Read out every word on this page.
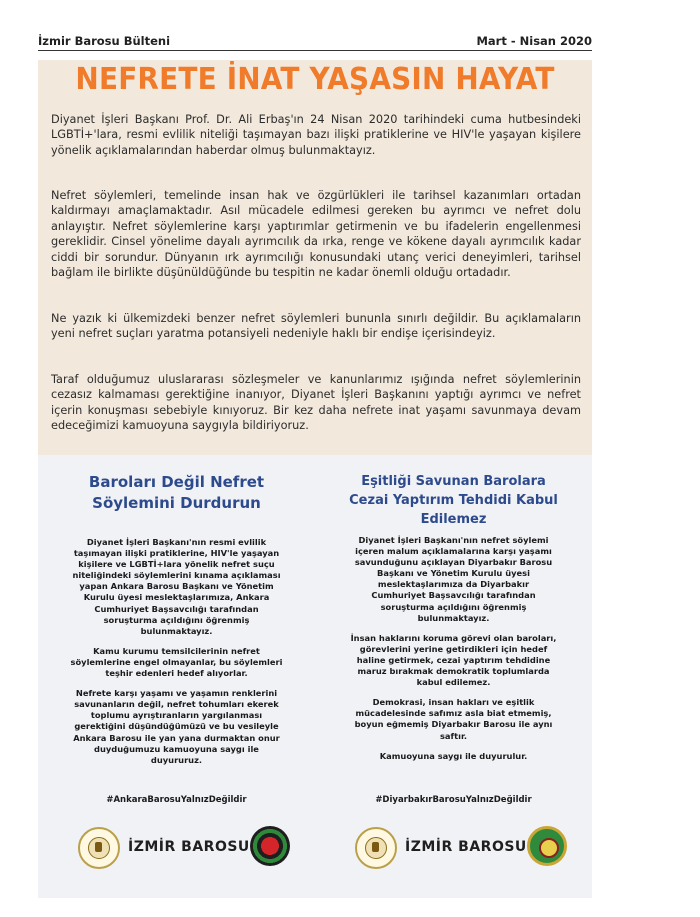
İzmir Barosu Bülteni	Mart - Nisan 2020
NEFRETE İNAT YAŞASIN HAYAT
Diyanet İşleri Başkanı Prof. Dr. Ali Erbaş'ın 24 Nisan 2020 tarihindeki cuma hutbesindeki LGBTİ+'lara, resmi evlilik niteliği taşımayan bazı ilişki pratiklerine ve HIV'le yaşayan kişilere yönelik açıklamalarından haberdar olmuş bulunmaktayız.
Nefret söylemleri, temelinde insan hak ve özgürlükleri ile tarihsel kazanımları ortadan kaldırmayı amaçlamaktadır. Asıl mücadele edilmesi gereken bu ayrımcı ve nefret dolu anlayıştır. Nefret söylemlerine karşı yaptırımlar getirmenin ve bu ifadelerin engellenmesi gereklidir. Cinsel yönelime dayalı ayrımcılık da ırka, renge ve kökene dayalı ayrımcılık kadar ciddi bir sorundur. Dünyanın ırk ayrımcılığı konusundaki utanç verici deneyimleri, tarihsel bağlam ile birlikte düşünüldüğünde bu tespitin ne kadar önemli olduğu ortadadır.
Ne yazık ki ülkemizdeki benzer nefret söylemleri bununla sınırlı değildir. Bu açıklamaların yeni nefret suçları yaratma potansiyeli nedeniyle haklı bir endişe içerisindeyiz.
Taraf olduğumuz uluslararası sözleşmeler ve kanunlarımız ışığında nefret söylemlerinin cezasız kalmaması gerektiğine inanıyor, Diyanet İşleri Başkanını yaptığı ayrımcı ve nefret içerin konuşması sebebiyle kınıyoruz. Bir kez daha nefrete inat yaşamı savunmaya devam edeceğimizi kamuoyuna saygıyla bildiriyoruz.
Baroları Değil Nefret Söylemini Durdurun

Diyanet İşleri Başkanı'nın resmi evlilik taşımayan ilişki pratiklerine, HIV'le yaşayan kişilere ve LGBTİ+lara yönelik nefret suçu niteliğindeki söylemlerini kınama açıklaması yapan Ankara Barosu Başkanı ve Yönetim Kurulu üyesi meslektaşlarımıza, Ankara Cumhuriyet Başsavcılığı tarafından soruşturma açıldığını öğrenmiş bulunmaktayız.

Kamu kurumu temsilcilerinin nefret söylemlerine engel olmayanlar, bu söylemleri teşhir edenleri hedef alıyorlar.

Nefrete karşı yaşamı ve yaşamın renklerini savunanların değil, nefret tohumları ekerek toplumu ayrıştıranların yargılanması gerektiğini düşündüğümüzü ve bu vesileyle Ankara Barosu ile yan yana durmaktan onur duyduğumuzu kamuoyuna saygı ile duyururuz.

#AnkaraBarosuYalnızDeğildir
İZMİR BAROSU
Eşitliği Savunan Barolara Cezai Yaptırım Tehdidi Kabul Edilemez

Diyanet İşleri Başkanı'nın nefret söylemi içeren malum açıklamalarına karşı yaşamı savunduğunu açıklayan Diyarbakır Barosu Başkanı ve Yönetim Kurulu üyesi meslektaşlarımıza da Diyarbakır Cumhuriyet Başsavcılığı tarafından soruşturma açıldığını öğrenmiş bulunmaktayız.

İnsan haklarını koruma görevi olan baroları, görevlerini yerine getirdikleri için hedef haline getirmek, cezai yaptırım tehdidine maruz bırakmak demokratik toplumlarda kabul edilemez.

Demokrasi, insan hakları ve eşitlik mücadelesinde safımız asla biat etmemiş, boyun eğmemiş Diyarbakır Barosu ile aynı saftır.

Kamuoyuna saygı ile duyurulur.

#DiyarbakırBarosuYalnızDeğildir
İZMİR BAROSU
